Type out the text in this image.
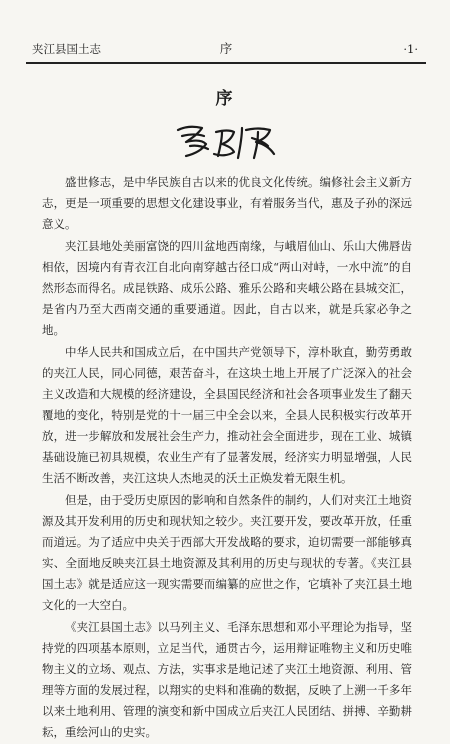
夹江县国土志	序	·1·
序

盛世修志，是中华民族自古以来的优良文化传统。编修社会主义新方志，更是一项重要的思想文化建设事业，有着服务当代，惠及子孙的深远意义。

夹江县地处美丽富饶的四川盆地西南缘，与峨眉仙山、乐山大佛唇齿相依，因境内有青衣江自北向南穿越古径口成“两山对峙，一水中流”的自然形态而得名。成昆铁路、成乐公路、雅乐公路和夹峨公路在县城交汇，是省内乃至大西南交通的重要通道。因此，自古以来，就是兵家必争之地。

中华人民共和国成立后，在中国共产党领导下，淳朴耿直，勤劳勇敢的夹江人民，同心同德，艰苦奋斗，在这块土地上开展了广泛深入的社会主义改造和大规模的经济建设，全县国民经济和社会各项事业发生了翻天覆地的变化，特别是党的十一届三中全会以来，全县人民积极实行改革开放，进一步解放和发展社会生产力，推动社会全面进步，现在工业、城镇基础设施已初具规模，农业生产有了显著发展，经济实力明显增强，人民生活不断改善，夹江这块人杰地灵的沃土正焕发着无限生机。

但是，由于受历史原因的影响和自然条件的制约，人们对夹江土地资源及其开发利用的历史和现状知之较少。夹江要开发，要改革开放，任重而道远。为了适应中央关于西部大开发战略的要求，迫切需要一部能够真实、全面地反映夹江县土地资源及其利用的历史与现状的专著。《夹江县国土志》就是适应这一现实需要而编纂的应世之作，它填补了夹江县土地文化的一大空白。

《夹江县国土志》以马列主义、毛泽东思想和邓小平理论为指导，坚持党的四项基本原则，立足当代，通贯古今，运用辩证唯物主义和历史唯物主义的立场、观点、方法，实事求是地记述了夹江土地资源、利用、管理等方面的发展过程，以翔实的史料和准确的数据，反映了上溯一千多年以来土地利用、管理的演变和新中国成立后夹江人民团结、拼搏、辛勤耕耘，重绘河山的史实。
